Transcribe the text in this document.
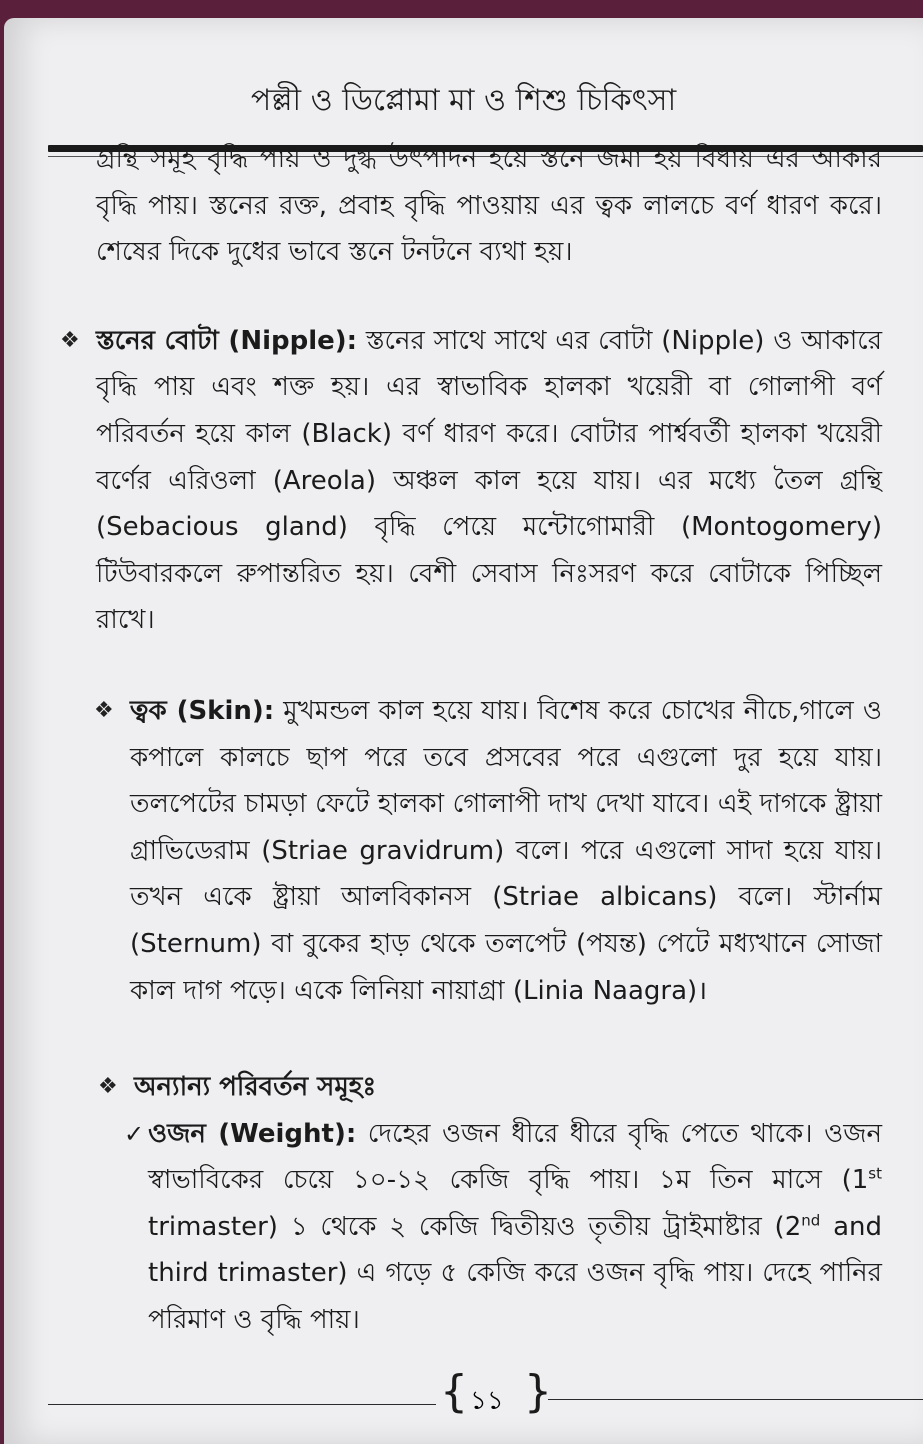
পল্লী ও ডিপ্লোমা মা ও শিশু চিকিৎসা
গ্রন্থি সমূহ বৃদ্ধি পায় ও দুগ্ধ উৎপাদন হয়ে স্তনে জমা হয় বিধায় এর আকার বৃদ্ধি পায়। স্তনের রক্ত, প্রবাহ বৃদ্ধি পাওয়ায় এর ত্বক লালচে বর্ণ ধারণ করে। শেষের দিকে দুধের ভাবে স্তনে টনটনে ব্যথা হয়।
❖ স্তনের বোটা (Nipple): স্তনের সাথে সাথে এর বোটা (Nipple) ও আকারে বৃদ্ধি পায় এবং শক্ত হয়। এর স্বাভাবিক হালকা খয়েরী বা গোলাপী বর্ণ পরিবর্তন হয়ে কাল (Black) বর্ণ ধারণ করে। বোটার পার্শ্ববর্তী হালকা খয়েরী বর্ণের এরিওলা (Areola) অঞ্চল কাল হয়ে যায়। এর মধ্যে তৈল গ্রন্থি (Sebacious gland) বৃদ্ধি পেয়ে মন্টোগোমারী (Montogomery) টিউবারকলে রুপান্তরিত হয়। বেশী সেবাস নিঃসরণ করে বোটাকে পিচ্ছিল রাখে।
❖ ত্বক (Skin): মুখমন্ডল কাল হয়ে যায়। বিশেষ করে চোখের নীচে,গালে ও কপালে কালচে ছাপ পরে তবে প্রসবের পরে এগুলো দুর হয়ে যায়। তলপেটের চামড়া ফেটে হালকা গোলাপী দাখ দেখা যাবে। এই দাগকে ষ্ট্রায়া গ্রাভিডেরাম (Striae gravidrum) বলে। পরে এগুলো সাদা হয়ে যায়। তখন একে ষ্ট্রায়া আলবিকানস (Striae albicans) বলে। স্টার্নাম (Sternum) বা বুকের হাড় থেকে তলপেট (পযন্ত) পেটে মধ্যখানে সোজা কাল দাগ পড়ে। একে লিনিয়া নায়াগ্রা (Linia Naagra)।
❖ অন্যান্য পরিবর্তন সমূহঃ
✓ ওজন (Weight): দেহের ওজন ধীরে ধীরে বৃদ্ধি পেতে থাকে। ওজন স্বাভাবিকের চেয়ে ১০-১২ কেজি বৃদ্ধি পায়। ১ম তিন মাসে (1st trimaster) ১ থেকে ২ কেজি দ্বিতীয়ও তৃতীয় ট্রাইমাষ্টার (2nd and third trimaster) এ গড়ে ৫ কেজি করে ওজন বৃদ্ধি পায়। দেহে পানির পরিমাণ ও বৃদ্ধি পায়।
{ ১১ }
